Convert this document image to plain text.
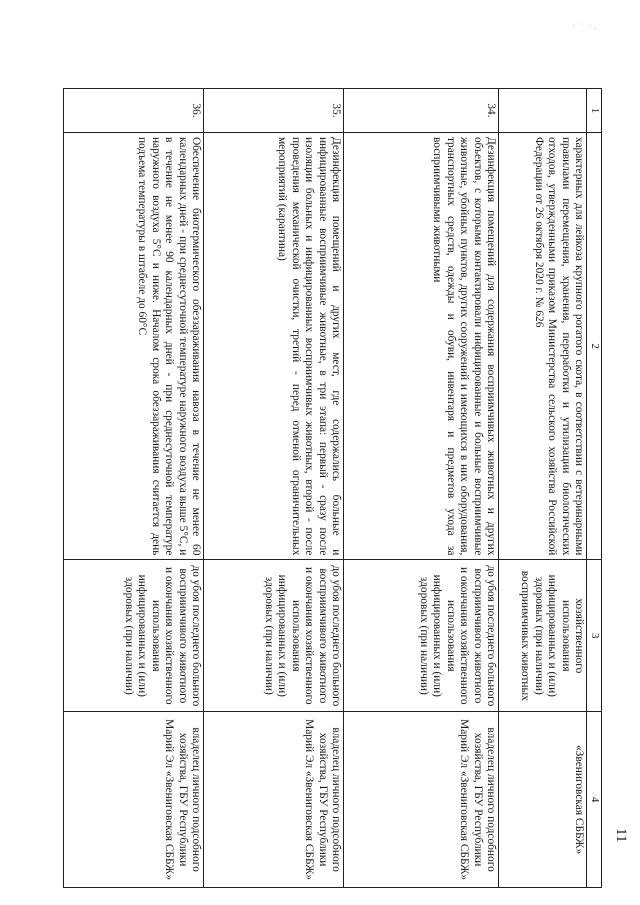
· ˙ ·.
·
11
1	2	3	4
	характерных для лейкоза крупного рогатого скота, в соответствии с ветеринарными правилами перемещения, хранения, переработки и утилизации биологических отходов, утвержденными приказом Министерства сельского хозяйства Российской Федерации от 26 октября 2020 г. № 626	хозяйственного использования инфицированных и (или) здоровых (при наличии) восприимчивых животных	«Звениговская СББЖ»
34.	Дезинфекция помещений для содержания восприимчивых животных и других объектов, с которыми контактировали инфицированные и больные восприимчивые животные, убойных пунктов, других сооружений и имеющихся в них оборудования, транспортных средств, одежды и обуви, инвентаря и предметов ухода за восприимчивыми животными	до убоя последнего больного восприимчивого животного и окончания хозяйственного использования инфицированных и (или) здоровых (при наличии)	владелец личного подсобного хозяйства, ГБУ Республики Марий Эл «Звениговская СББЖ»
35.	Дезинфекция помещений и других мест, где содержались больные и инфицированные восприимчивые животные, в три этапа: первый - сразу после изоляции больных и инфицированных восприимчивых животных, второй - после проведения механической очистки, третий - перед отменой ограничительных мероприятий (карантина)	до убоя последнего больного восприимчивого животного и окончания хозяйственного использования инфицированных и (или) здоровых (при наличии)	владелец личного подсобного хозяйства, ГБУ Республики Марий Эл «Звениговская СББЖ»
36.	Обеспечение биотермического обеззараживания навоза в течение не менее 60 календарных дней - при среднесуточной температуре наружного воздуха выше 5°С, и в течение не менее 90 календарных дней - при среднесуточной температуре наружного воздуха 5°С и ниже. Началом срока обеззараживания считается день подъема температуры в штабеле до 60°С	до убоя последнего больного восприимчивого животного и окончания хозяйственного использования инфицированных и (или) здоровых (при наличии)	владелец личного подсобного хозяйства, ГБУ Республики Марий Эл «Звениговская СББЖ»
